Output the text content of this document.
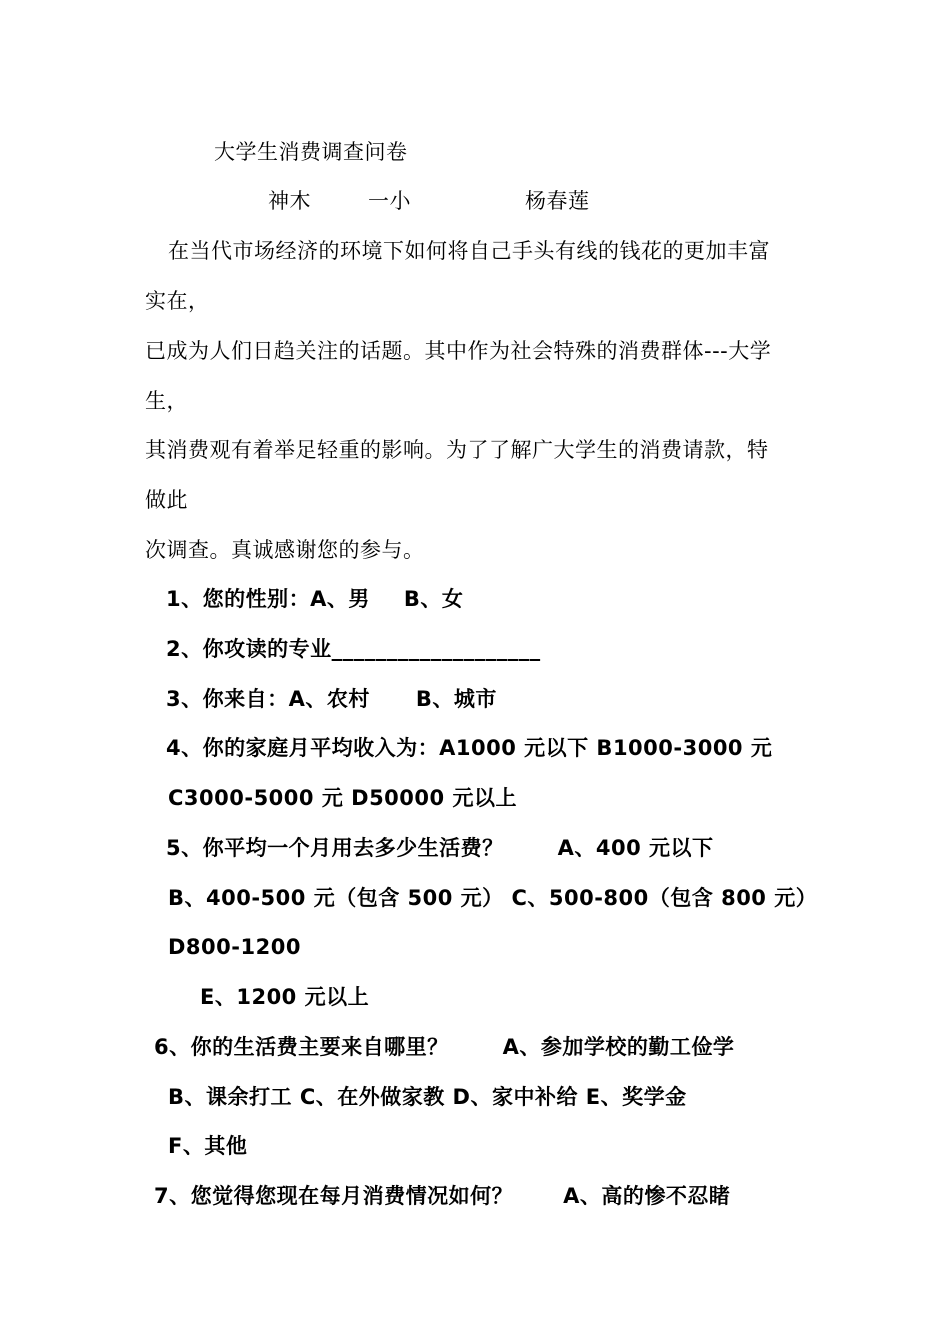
大学生消费调查问卷
神木	一小	杨春莲
在当代市场经济的环境下如何将自己手头有线的钱花的更加丰富
实在，
已成为人们日趋关注的话题。其中作为社会特殊的消费群体---大学
生，
其消费观有着举足轻重的影响。为了了解广大学生的消费请款，特
做此
次调查。真诚感谢您的参与。
1、您的性别：A、男 B、女
2、你攻读的专业___________________
3、你来自：A、农村 B、城市
4、你的家庭月平均收入为：A1000 元以下 B1000-3000 元
C3000-5000 元 D50000 元以上
5、你平均一个月用去多少生活费？	A、400 元以下
B、400-500 元（包含 500 元） C、500-800（包含 800 元）
D800-1200
E、1200 元以上
6、你的生活费主要来自哪里？	A、参加学校的勤工俭学
B、课余打工 C、在外做家教 D、家中补给 E、奖学金
F、其他
7、您觉得您现在每月消费情况如何？ A、高的惨不忍睹
